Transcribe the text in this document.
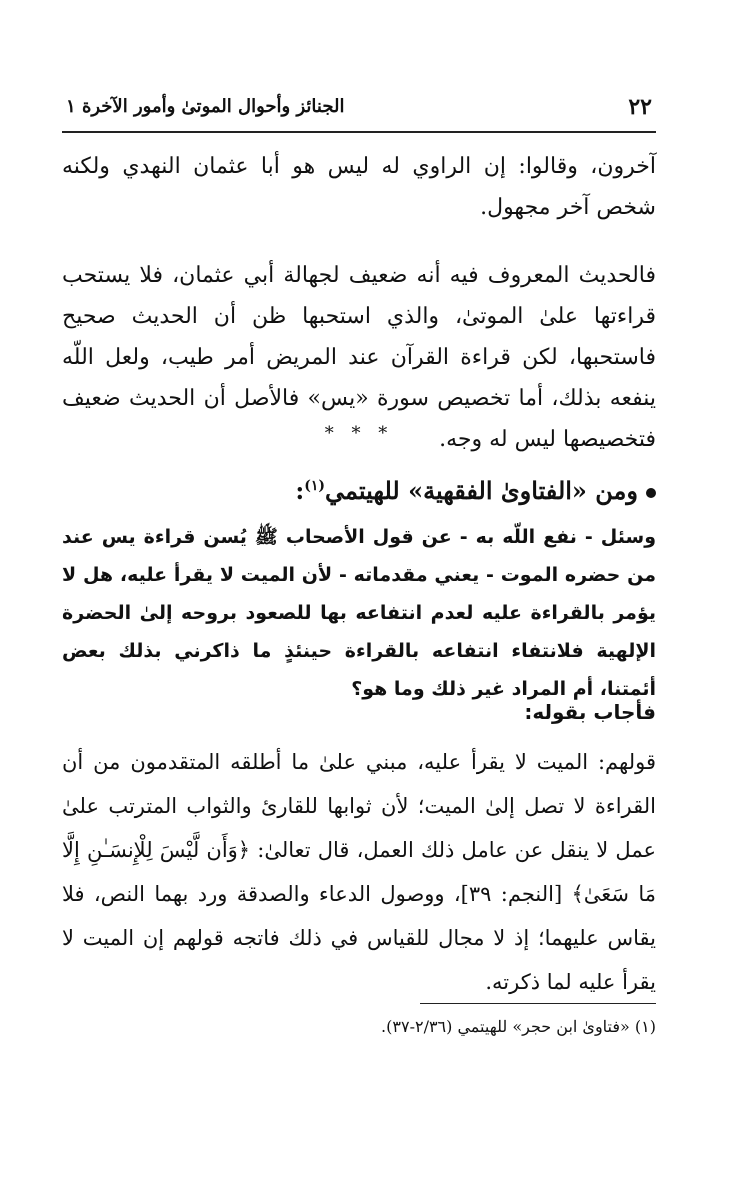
٢٢
الجنائز وأحوال الموتىٰ وأمور الآخرة ١

آخرون، وقالوا: إن الراوي له ليس هو أبا عثمان النهدي ولكنه شخص آخر مجهول.

فالحديث المعروف فيه أنه ضعيف لجهالة أبي عثمان، فلا يستحب قراءتها علىٰ الموتىٰ، والذي استحبها ظن أن الحديث صحيح فاستحبها، لكن قراءة القرآن عند المريض أمر طيب، ولعل اللّه ينفعه بذلك، أما تخصيص سورة «يس» فالأصل أن الحديث ضعيف فتخصيصها ليس له وجه.

* * *
ومن «الفتاوىٰ الفقهية» للهيتمي$^{(١)}$:

وسئل - نفع اللّه به - عن قول الأصحاب ﷺ يُسن قراءة يس عند من حضره الموت - يعني مقدماته - لأن الميت لا يقرأ عليه، هل لا يؤمر بالقراءة عليه لعدم انتفاعه بها للصعود بروحه إلىٰ الحضرة الإلهية فلانتفاء انتفاعه بالقراءة حينئذٍ ما ذاكرني بذلك بعض أئمتنا، أم المراد غير ذلك وما هو؟

فأجاب بقوله:

قولهم: الميت لا يقرأ عليه، مبني علىٰ ما أطلقه المتقدمون من أن القراءة لا تصل إلىٰ الميت؛ لأن ثوابها للقارئ والثواب المترتب علىٰ عمل لا ينقل عن عامل ذلك العمل، قال تعالىٰ: ﴿وَأَن لَّيْسَ لِلْإِنسَـٰنِ إِلَّا مَا سَعَىٰ﴾ [النجم: ٣٩]، ووصول الدعاء والصدقة ورد بهما النص، فلا يقاس عليهما؛ إذ لا مجال للقياس في ذلك فاتجه قولهم إن الميت لا يقرأ عليه لما ذكرته.

(١) «فتاوىٰ ابن حجر» للهيتمي (٢/٣٦-٣٧).
